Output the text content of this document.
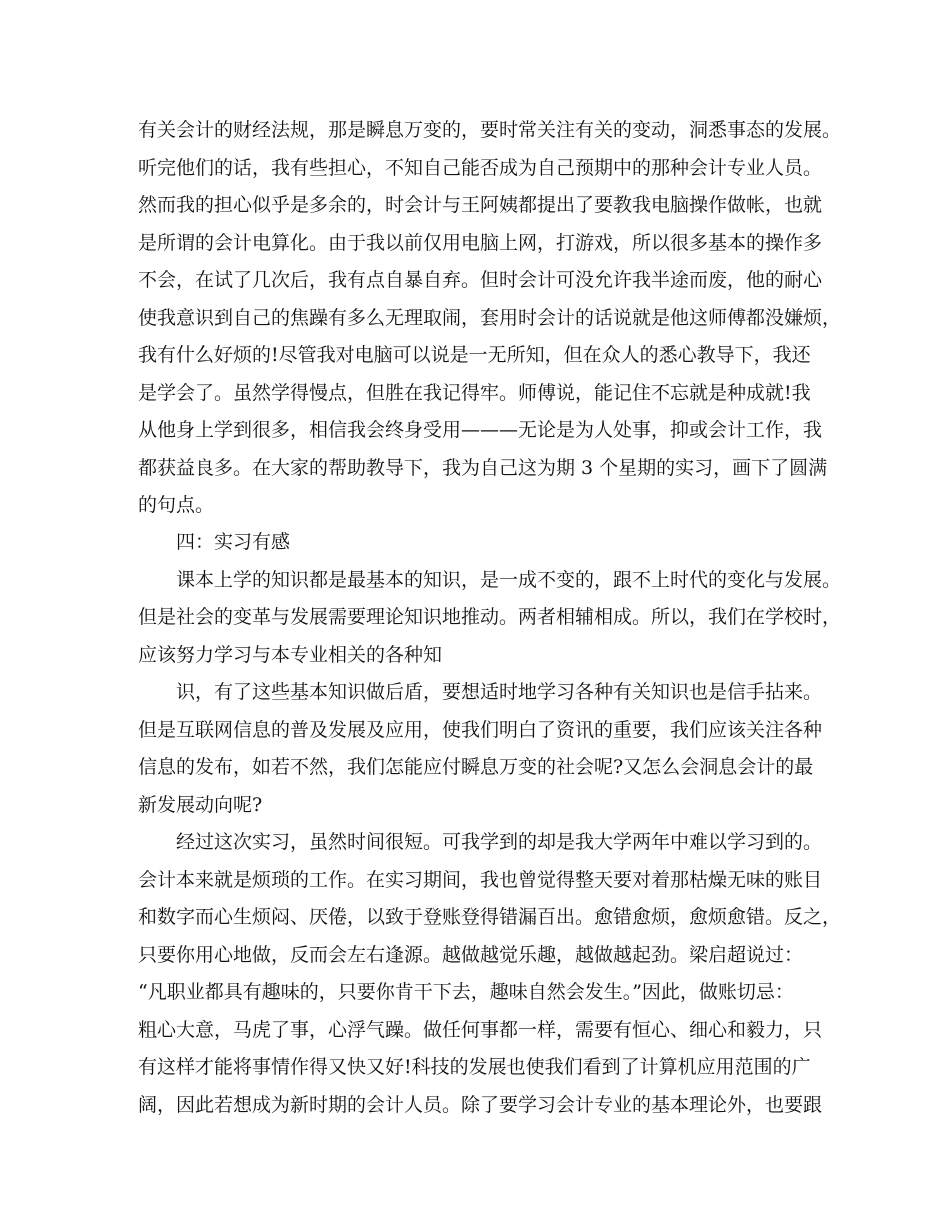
有关会计的财经法规，那是瞬息万变的，要时常关注有关的变动，洞悉事态的发展。
听完他们的话，我有些担心，不知自己能否成为自己预期中的那种会计专业人员。
然而我的担心似乎是多余的，时会计与王阿姨都提出了要教我电脑操作做帐，也就
是所谓的会计电算化。由于我以前仅用电脑上网，打游戏，所以很多基本的操作多
不会，在试了几次后，我有点自暴自弃。但时会计可没允许我半途而废，他的耐心
使我意识到自己的焦躁有多么无理取闹，套用时会计的话说就是他这师傅都没嫌烦，
我有什么好烦的!尽管我对电脑可以说是一无所知，但在众人的悉心教导下，我还
是学会了。虽然学得慢点，但胜在我记得牢。师傅说，能记住不忘就是种成就!我
从他身上学到很多，相信我会终身受用———无论是为人处事，抑或会计工作，我
都获益良多。在大家的帮助教导下，我为自己这为期 3 个星期的实习，画下了圆满
的句点。
四：实习有感
课本上学的知识都是最基本的知识，是一成不变的，跟不上时代的变化与发展。
但是社会的变革与发展需要理论知识地推动。两者相辅相成。所以，我们在学校时，
应该努力学习与本专业相关的各种知
识，有了这些基本知识做后盾，要想适时地学习各种有关知识也是信手拈来。
但是互联网信息的普及发展及应用，使我们明白了资讯的重要，我们应该关注各种
信息的发布，如若不然，我们怎能应付瞬息万变的社会呢?又怎么会洞息会计的最
新发展动向呢?
经过这次实习，虽然时间很短。可我学到的却是我大学两年中难以学习到的。
会计本来就是烦琐的工作。在实习期间，我也曾觉得整天要对着那枯燥无味的账目
和数字而心生烦闷、厌倦，以致于登账登得错漏百出。愈错愈烦，愈烦愈错。反之，
只要你用心地做，反而会左右逢源。越做越觉乐趣，越做越起劲。梁启超说过：
“凡职业都具有趣味的，只要你肯干下去，趣味自然会发生。”因此，做账切忌：
粗心大意，马虎了事，心浮气躁。做任何事都一样，需要有恒心、细心和毅力，只
有这样才能将事情作得又快又好!科技的发展也使我们看到了计算机应用范围的广
阔，因此若想成为新时期的会计人员。除了要学习会计专业的基本理论外，也要跟
